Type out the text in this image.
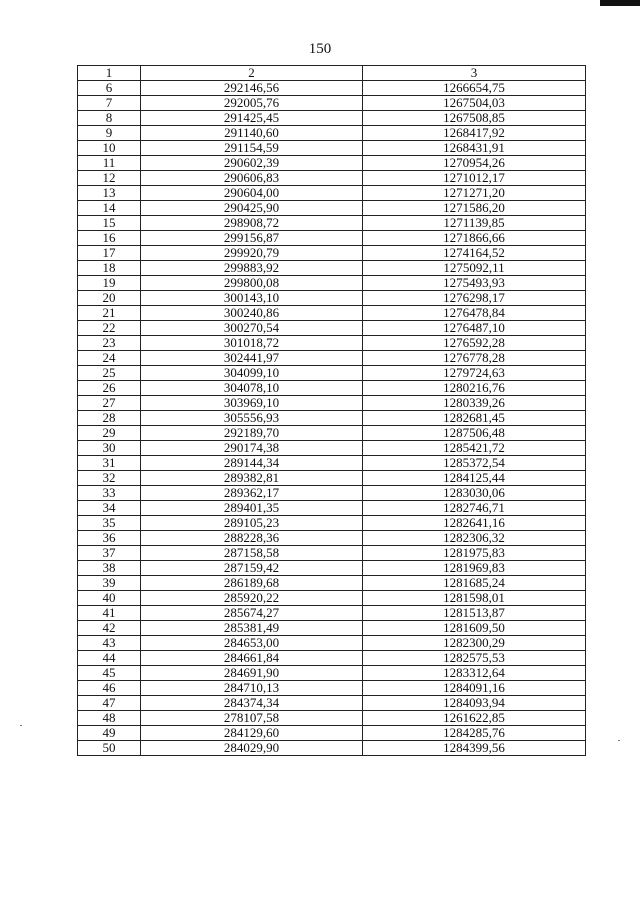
150
1	2	3
6	292146,56	1266654,75
7	292005,76	1267504,03
8	291425,45	1267508,85
9	291140,60	1268417,92
10	291154,59	1268431,91
11	290602,39	1270954,26
12	290606,83	1271012,17
13	290604,00	1271271,20
14	290425,90	1271586,20
15	298908,72	1271139,85
16	299156,87	1271866,66
17	299920,79	1274164,52
18	299883,92	1275092,11
19	299800,08	1275493,93
20	300143,10	1276298,17
21	300240,86	1276478,84
22	300270,54	1276487,10
23	301018,72	1276592,28
24	302441,97	1276778,28
25	304099,10	1279724,63
26	304078,10	1280216,76
27	303969,10	1280339,26
28	305556,93	1282681,45
29	292189,70	1287506,48
30	290174,38	1285421,72
31	289144,34	1285372,54
32	289382,81	1284125,44
33	289362,17	1283030,06
34	289401,35	1282746,71
35	289105,23	1282641,16
36	288228,36	1282306,32
37	287158,58	1281975,83
38	287159,42	1281969,83
39	286189,68	1281685,24
40	285920,22	1281598,01
41	285674,27	1281513,87
42	285381,49	1281609,50
43	284653,00	1282300,29
44	284661,84	1282575,53
45	284691,90	1283312,64
46	284710,13	1284091,16
47	284374,34	1284093,94
48	278107,58	1261622,85
49	284129,60	1284285,76
50	284029,90	1284399,56
